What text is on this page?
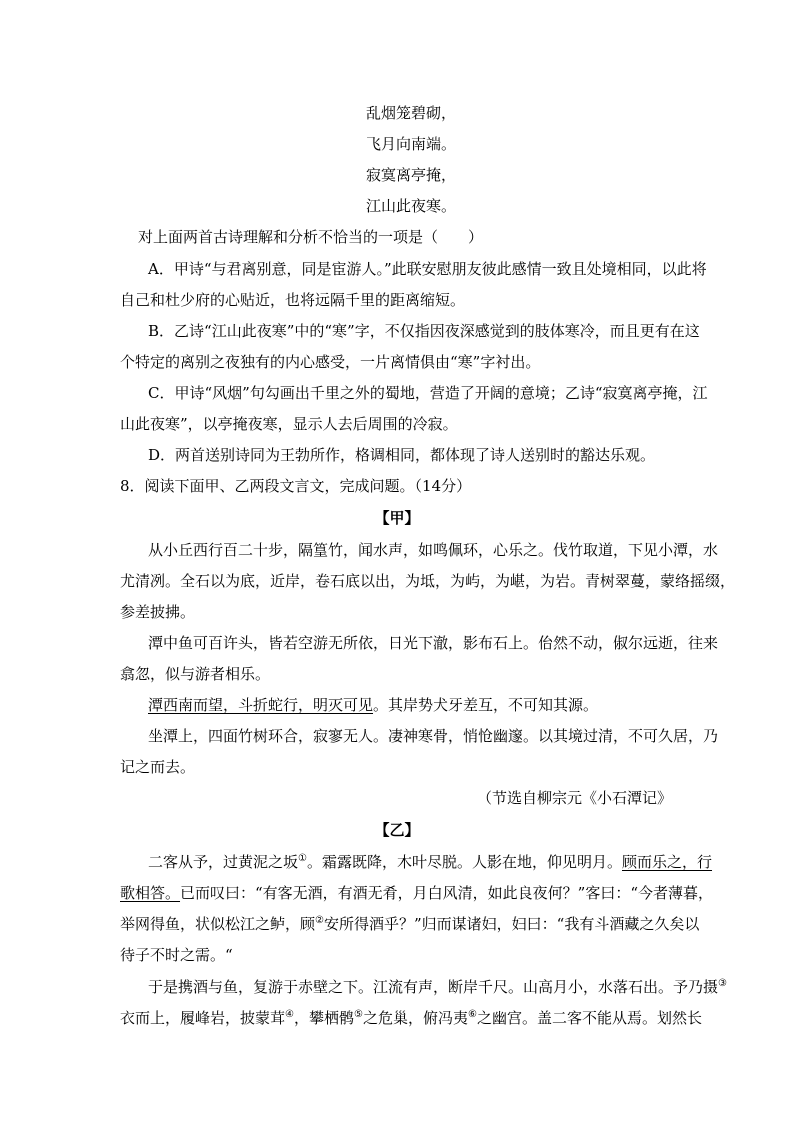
乱烟笼碧砌，
飞月向南端。
寂寞离亭掩，
江山此夜寒。
对上面两首古诗理解和分析不恰当的一项是（　　）
A．甲诗“与君离别意，同是宦游人。”此联安慰朋友彼此感情一致且处境相同，以此将
自己和杜少府的心贴近，也将远隔千里的距离缩短。
B．乙诗“江山此夜寒”中的“寒”字，不仅指因夜深感觉到的肢体寒冷，而且更有在这
个特定的离别之夜独有的内心感受，一片离情俱由“寒”字衬出。
C．甲诗“风烟”句勾画出千里之外的蜀地，营造了开阔的意境；乙诗“寂寞离亭掩，江
山此夜寒”，以亭掩夜寒，显示人去后周围的冷寂。
D．两首送别诗同为王勃所作，格调相同，都体现了诗人送别时的豁达乐观。
8．阅读下面甲、乙两段文言文，完成问题。（14分）
【甲】
从小丘西行百二十步，隔篁竹，闻水声，如鸣佩环，心乐之。伐竹取道，下见小潭，水
尤清冽。全石以为底，近岸，卷石底以出，为坻，为屿，为嵁，为岩。青树翠蔓，蒙络摇缀，
参差披拂。
潭中鱼可百许头，皆若空游无所依，日光下澈，影布石上。佁然不动，俶尔远逝，往来
翕忽，似与游者相乐。
潭西南而望，斗折蛇行，明灭可见。其岸势犬牙差互，不可知其源。
坐潭上，四面竹树环合，寂寥无人。凄神寒骨，悄怆幽邃。以其境过清，不可久居，乃
记之而去。
（节选自柳宗元《小石潭记》
【乙】
二客从予，过黄泥之坂①。霜露既降，木叶尽脱。人影在地，仰见明月。顾而乐之，行
歌相答。已而叹曰：“有客无酒，有酒无肴，月白风清，如此良夜何？”客曰：“今者薄暮，
举网得鱼，状似松江之鲈，顾②安所得酒乎？”归而谋诸妇，妇曰：“我有斗酒藏之久矣以
待子不时之需。“
于是携酒与鱼，复游于赤壁之下。江流有声，断岸千尺。山高月小，水落石出。予乃摄③
衣而上，履峰岩，披蒙茸④，攀栖鹘⑤之危巢，俯冯夷⑥之幽宫。盖二客不能从焉。划然长
